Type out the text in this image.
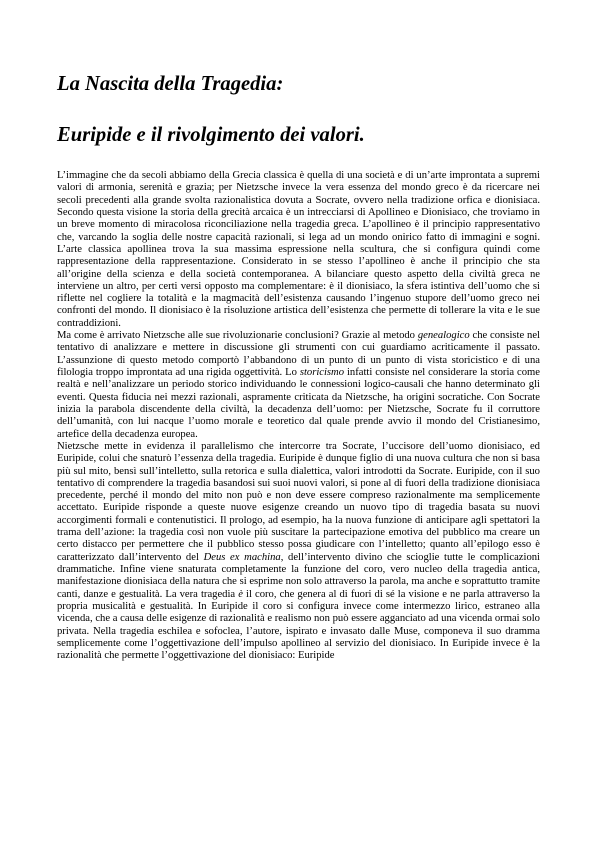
La Nascita della Tragedia:
Euripide e il rivolgimento dei valori.

L’immagine che da secoli abbiamo della Grecia classica è quella di una società e di un’arte improntata a supremi valori di armonia, serenità e grazia; per Nietzsche invece la vera essenza del mondo greco è da ricercare nei secoli precedenti alla grande svolta razionalistica dovuta a Socrate, ovvero nella tradizione orfica e dionisiaca. Secondo questa visione la storia della grecità arcaica è un intrecciarsi di Apollineo e Dionisiaco, che troviamo in un breve momento di miracolosa riconciliazione nella tragedia greca. L’apollineo è il principio rappresentativo che, varcando la soglia delle nostre capacità razionali, si lega ad un mondo onirico fatto di immagini e sogni. L’arte classica apollinea trova la sua massima espressione nella scultura, che si configura quindi come rappresentazione della rappresentazione. Considerato in se stesso l’apollineo è anche il principio che sta all’origine della scienza e della società contemporanea. A bilanciare questo aspetto della civiltà greca ne interviene un altro, per certi versi opposto ma complementare: è il dionisiaco, la sfera istintiva dell’uomo che si riflette nel cogliere la totalità e la magmacità dell’esistenza causando l’ingenuo stupore dell’uomo greco nei confronti del mondo. Il dionisiaco è la risoluzione artistica dell’esistenza che permette di tollerare la vita e le sue contraddizioni.

Ma come è arrivato Nietzsche alle sue rivoluzionarie conclusioni? Grazie al metodo genealogico che consiste nel tentativo di analizzare e mettere in discussione gli strumenti con cui guardiamo acriticamente il passato. L’assunzione di questo metodo comportò l’abbandono di un punto di un punto di vista storicistico e di una filologia troppo improntata ad una rigida oggettività. Lo storicismo infatti consiste nel considerare la storia come realtà e nell’analizzare un periodo storico individuando le connessioni logico-causali che hanno determinato gli eventi. Questa fiducia nei mezzi razionali, aspramente criticata da Nietzsche, ha origini socratiche. Con Socrate inizia la parabola discendente della civiltà, la decadenza dell’uomo: per Nietzsche, Socrate fu il corruttore dell’umanità, con lui nacque l’uomo morale e teoretico dal quale prende avvio il mondo del Cristianesimo, artefice della decadenza europea.

Nietzsche mette in evidenza il parallelismo che intercorre tra Socrate, l’uccisore dell’uomo dionisiaco, ed Euripide, colui che snaturò l’essenza della tragedia. Euripide è dunque figlio di una nuova cultura che non si basa più sul mito, bensì sull’intelletto, sulla retorica e sulla dialettica, valori introdotti da Socrate. Euripide, con il suo tentativo di comprendere la tragedia basandosi sui suoi nuovi valori, si pone al di fuori della tradizione dionisiaca precedente, perché il mondo del mito non può e non deve essere compreso razionalmente ma semplicemente accettato. Euripide risponde a queste nuove esigenze creando un nuovo tipo di tragedia basata su nuovi accorgimenti formali e contenutistici. Il prologo, ad esempio, ha la nuova funzione di anticipare agli spettatori la trama dell’azione: la tragedia così non vuole più suscitare la partecipazione emotiva del pubblico ma creare un certo distacco per permettere che il pubblico stesso possa giudicare con l’intelletto; quanto all’epilogo esso è caratterizzato dall’intervento del Deus ex machina, dell’intervento divino che scioglie tutte le complicazioni drammatiche. Infine viene snaturata completamente la funzione del coro, vero nucleo della tragedia antica, manifestazione dionisiaca della natura che si esprime non solo attraverso la parola, ma anche e soprattutto tramite canti, danze e gestualità. La vera tragedia è il coro, che genera al di fuori di sé la visione e ne parla attraverso la propria musicalità e gestualità. In Euripide il coro si configura invece come intermezzo lirico, estraneo alla vicenda, che a causa delle esigenze di razionalità e realismo non può essere agganciato ad una vicenda ormai solo privata. Nella tragedia eschilea e sofoclea, l’autore, ispirato e invasato dalle Muse, componeva il suo dramma semplicemente come l’oggettivazione dell’impulso apollineo al servizio del dionisiaco. In Euripide invece è la razionalità che permette l’oggettivazione del dionisiaco: Euripide
